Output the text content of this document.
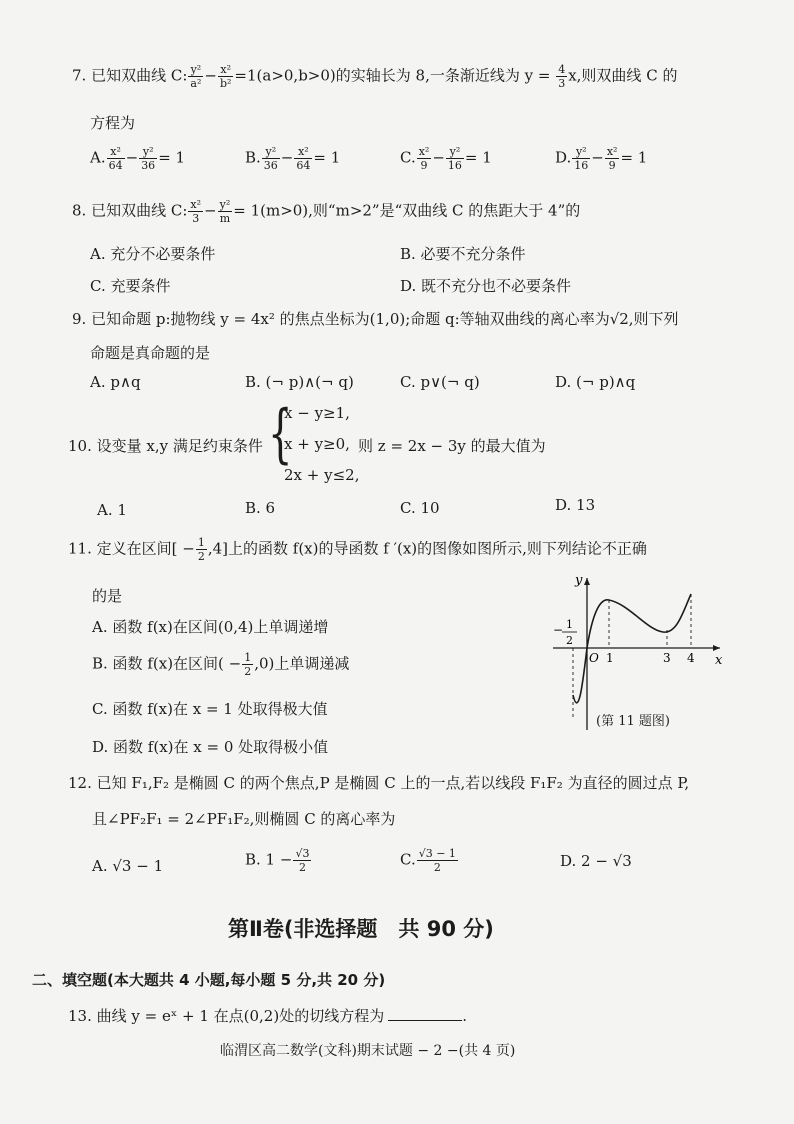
7. 已知双曲线 C: $\frac{\text{y²}}{\text{a²}} - \frac{\text{x²}}{\text{b²}} =1(a>0,b>0)$的实轴长为 8,一条渐近线为 $y = \frac{4}{3} x$,则双曲线 C 的
方程为
A. $\frac{\text{x²}}{64} - \frac{\text{y²}}{36} = 1$	B. $\frac{\text{y²}}{36} - \frac{\text{x²}}{64} = 1$	C. $\frac{\text{x²}}{9} - \frac{\text{y²}}{16} = 1$	D. $\frac{\text{y²}}{16} - \frac{\text{x²}}{9} = 1$
8. 已知双曲线 C: $\frac{\text{x²}}{3} - \frac{\text{y²}}{m} = 1(m>0)$,则“m>2”是“双曲线 C 的焦距大于 4”的
A. 充分不必要条件	B. 必要不充分条件
C. 充要条件	D. 既不充分也不必要条件
9. 已知命题 p:抛物线 y = 4x² 的焦点坐标为(1,0);命题 q:等轴双曲线的离心率为√2,则下列
命题是真命题的是
A. p∧q	B. (¬ p)∧(¬ q)	C. p∨(¬ q)	D. (¬ p)∧q
10. 设变量 x,y 满足约束条件 {
x − y≥1,
x + y≥0,
2x + y≤2,
则 z = 2x − 3y 的最大值为
A. 1	B. 6	C. 10	D. 13
11. 定义在区间[ − $\frac{1}{2} ,4$]上的函数 f(x)的导函数 f ′(x)的图像如图所示,则下列结论不正确
的是
A. 函数 f(x)在区间(0,4)上单调递增
B. 函数 f(x)在区间( − $\frac{1}{2} ,0$)上单调递减
C. 函数 f(x)在 x = 1 处取得极大值
D. 函数 f(x)在 x = 0 处取得极小值
x
y
O 1	3 4
− 1
2
(第 11 题图)
12. 已知 F₁,F₂ 是椭圆 C 的两个焦点,P 是椭圆 C 上的一点,若以线段 F₁F₂ 为直径的圆过点 P,
且∠PF₂F₁ = 2∠PF₁F₂,则椭圆 C 的离心率为
A. √3 − 1	B. $1 - \frac{√3}{2}$	C. $\frac{√3 - 1}{2}$	D. 2 − √3
第Ⅱ卷(非选择题　共 90 分)
二、填空题(本大题共 4 小题,每小题 5 分,共 20 分)
13. 曲线 y = eˣ + 1 在点(0,2)处的切线方程为	.
临渭区高二数学(文科)期末试题 − 2 −(共 4 页)
